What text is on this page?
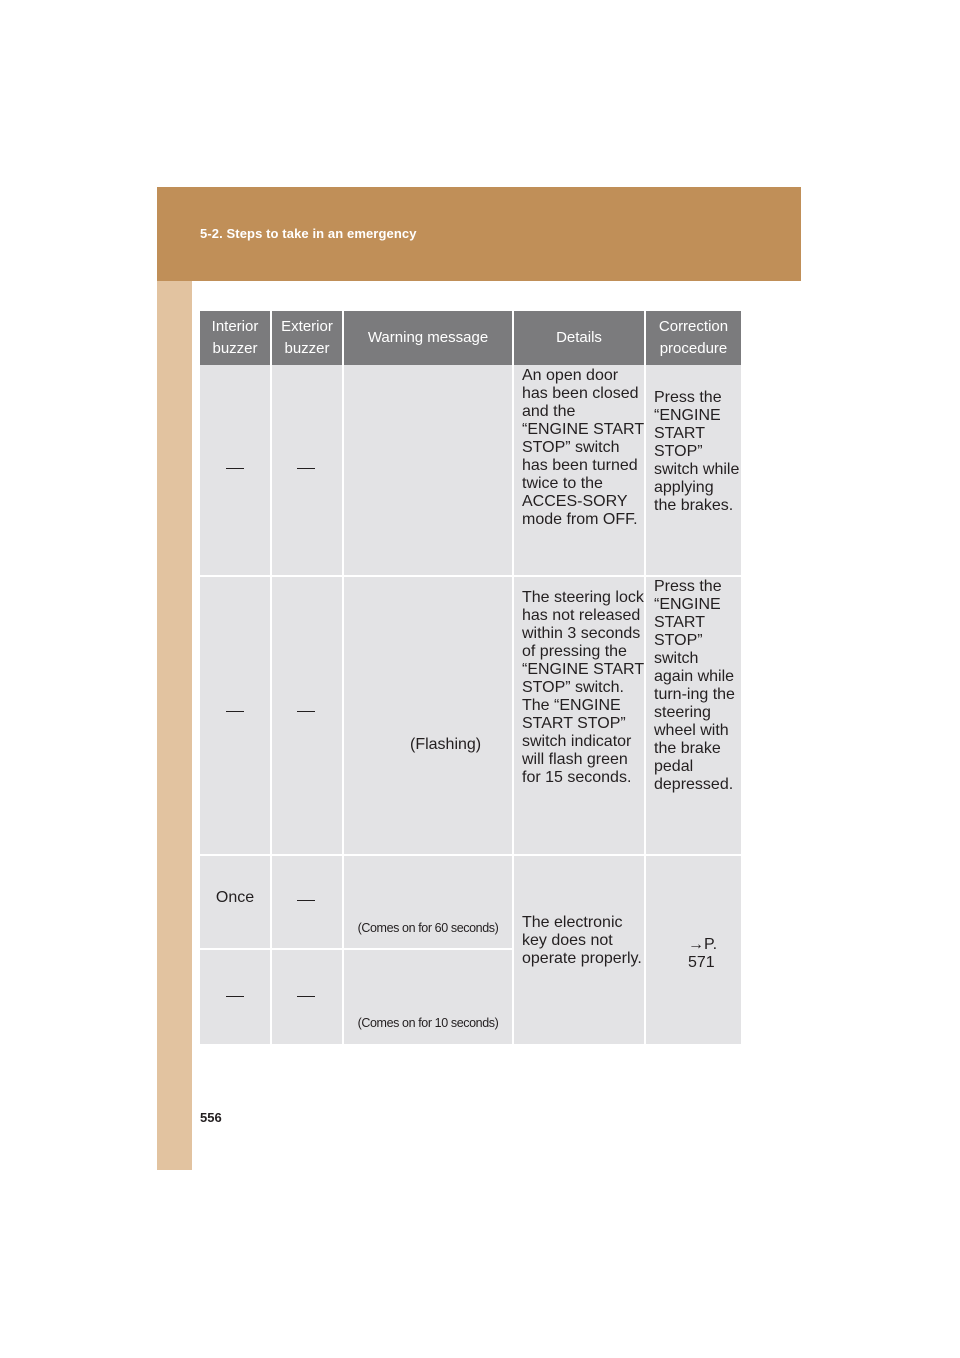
5-2. Steps to take in an emergency
Interior
buzzer
Exterior
buzzer
Warning message	Details
Correction
procedure
An open door has been closed and the “ENGINE START STOP” switch has been turned twice to the ACCES-SORY mode from OFF.
Press the “ENGINE START STOP” switch while applying the brakes.
(Flashing)
The steering lock has not released within 3 seconds of pressing the “ENGINE START STOP” switch. The “ENGINE START STOP” switch indicator will flash green for 15 seconds.
Press the “ENGINE START STOP” switch again while turn-ing the steering wheel with the brake pedal depressed.
Once
(Comes on for 60 seconds)	The electronic key does not operate properly.
→P. 571
(Comes on for 10 seconds)
556
